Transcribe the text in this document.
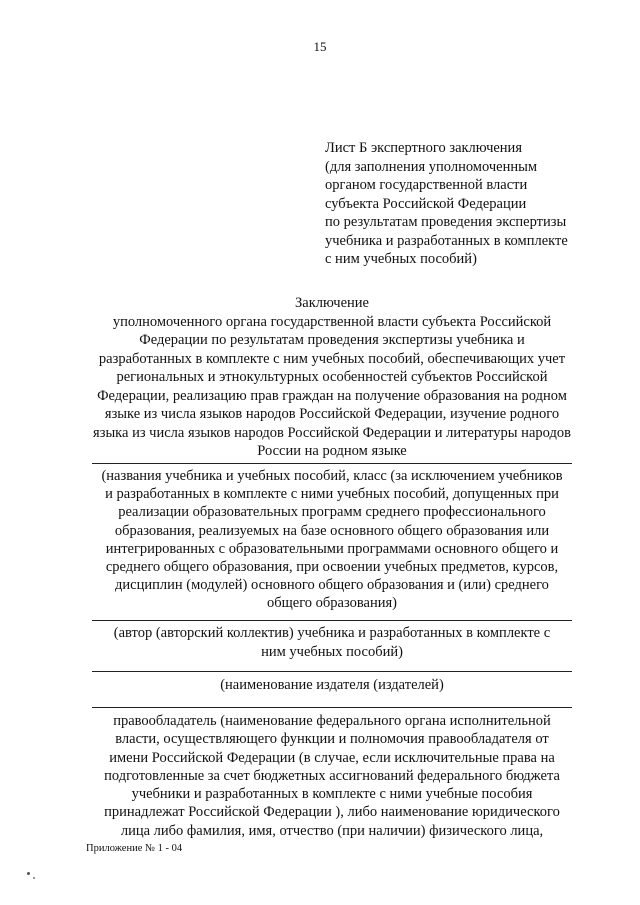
15
Лист Б экспертного заключения
(для заполнения уполномоченным
органом государственной власти
субъекта Российской Федерации
по результатам проведения экспертизы
учебника и разработанных в комплекте
с ним учебных пособий)
Заключение
уполномоченного органа государственной власти субъекта Российской
Федерации по результатам проведения экспертизы учебника и
разработанных в комплекте с ним учебных пособий, обеспечивающих учет
региональных и этнокультурных особенностей субъектов Российской
Федерации, реализацию прав граждан на получение образования на родном
языке из числа языков народов Российской Федерации, изучение родного
языка из числа языков народов Российской Федерации и литературы народов
России на родном языке
(названия учебника и учебных пособий, класс (за исключением учебников
и разработанных в комплекте с ними учебных пособий, допущенных при
реализации образовательных программ среднего профессионального
образования, реализуемых на базе основного общего образования или
интегрированных с образовательными программами основного общего и
среднего общего образования, при освоении учебных предметов, курсов,
дисциплин (модулей) основного общего образования и (или) среднего
общего образования)
(автор (авторский коллектив) учебника и разработанных в комплекте с
ним учебных пособий)
(наименование издателя (издателей)
правообладатель (наименование федерального органа исполнительной
власти, осуществляющего функции и полномочия правообладателя от
имени Российской Федерации (в случае, если исключительные права на
подготовленные за счет бюджетных ассигнований федерального бюджета
учебники и разработанных в комплекте с ними учебные пособия
принадлежат Российской Федерации ), либо наименование юридического
лица либо фамилия, имя, отчество (при наличии) физического лица,
Приложение № 1 - 04
